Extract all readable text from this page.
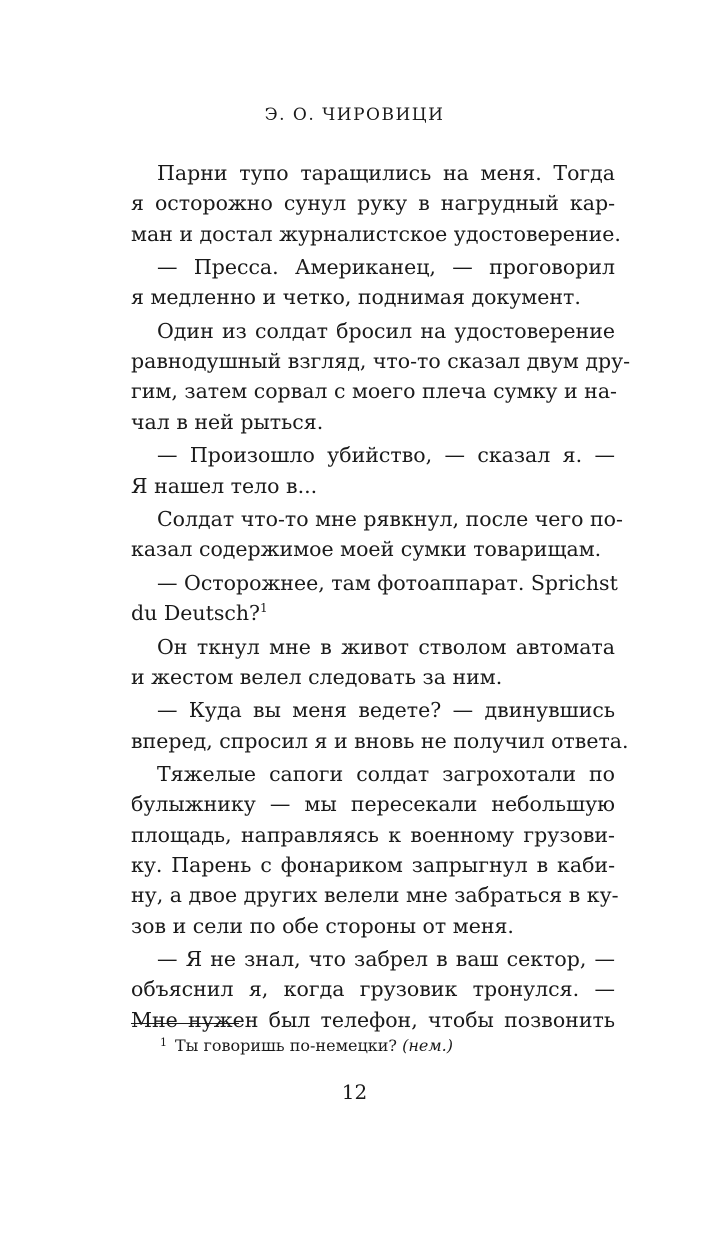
Э. О. ЧИРОВИЦИ
Парни тупо таращились на меня. Тогда
я осторожно сунул руку в нагрудный кар-
ман и достал журналистское удостоверение.
— Пресса. Американец, — проговорил
я медленно и четко, поднимая документ.
Один из солдат бросил на удостоверение
равнодушный взгляд, что-то сказал двум дру-
гим, затем сорвал с моего плеча сумку и на-
чал в ней рыться.
— Произошло убийство, — сказал я. —
Я нашел тело в...
Солдат что-то мне рявкнул, после чего по-
казал содержимое моей сумки товарищам.
— Осторожнее, там фотоаппарат. Sprichst
du Deutsch?$^1$
Он ткнул мне в живот стволом автомата
и жестом велел следовать за ним.
— Куда вы меня ведете? — двинувшись
вперед, спросил я и вновь не получил ответа.
Тяжелые сапоги солдат загрохотали по
булыжнику — мы пересекали небольшую
площадь, направляясь к военному грузови-
ку. Парень с фонариком запрыгнул в каби-
ну, а двое других велели мне забраться в ку-
зов и сели по обе стороны от меня.
— Я не знал, что забрел в ваш сектор, —
объяснил я, когда грузовик тронулся. —
Мне нужен был телефон, чтобы позвонить
$^1$ Ты говоришь по-немецки? (нем.)
12
